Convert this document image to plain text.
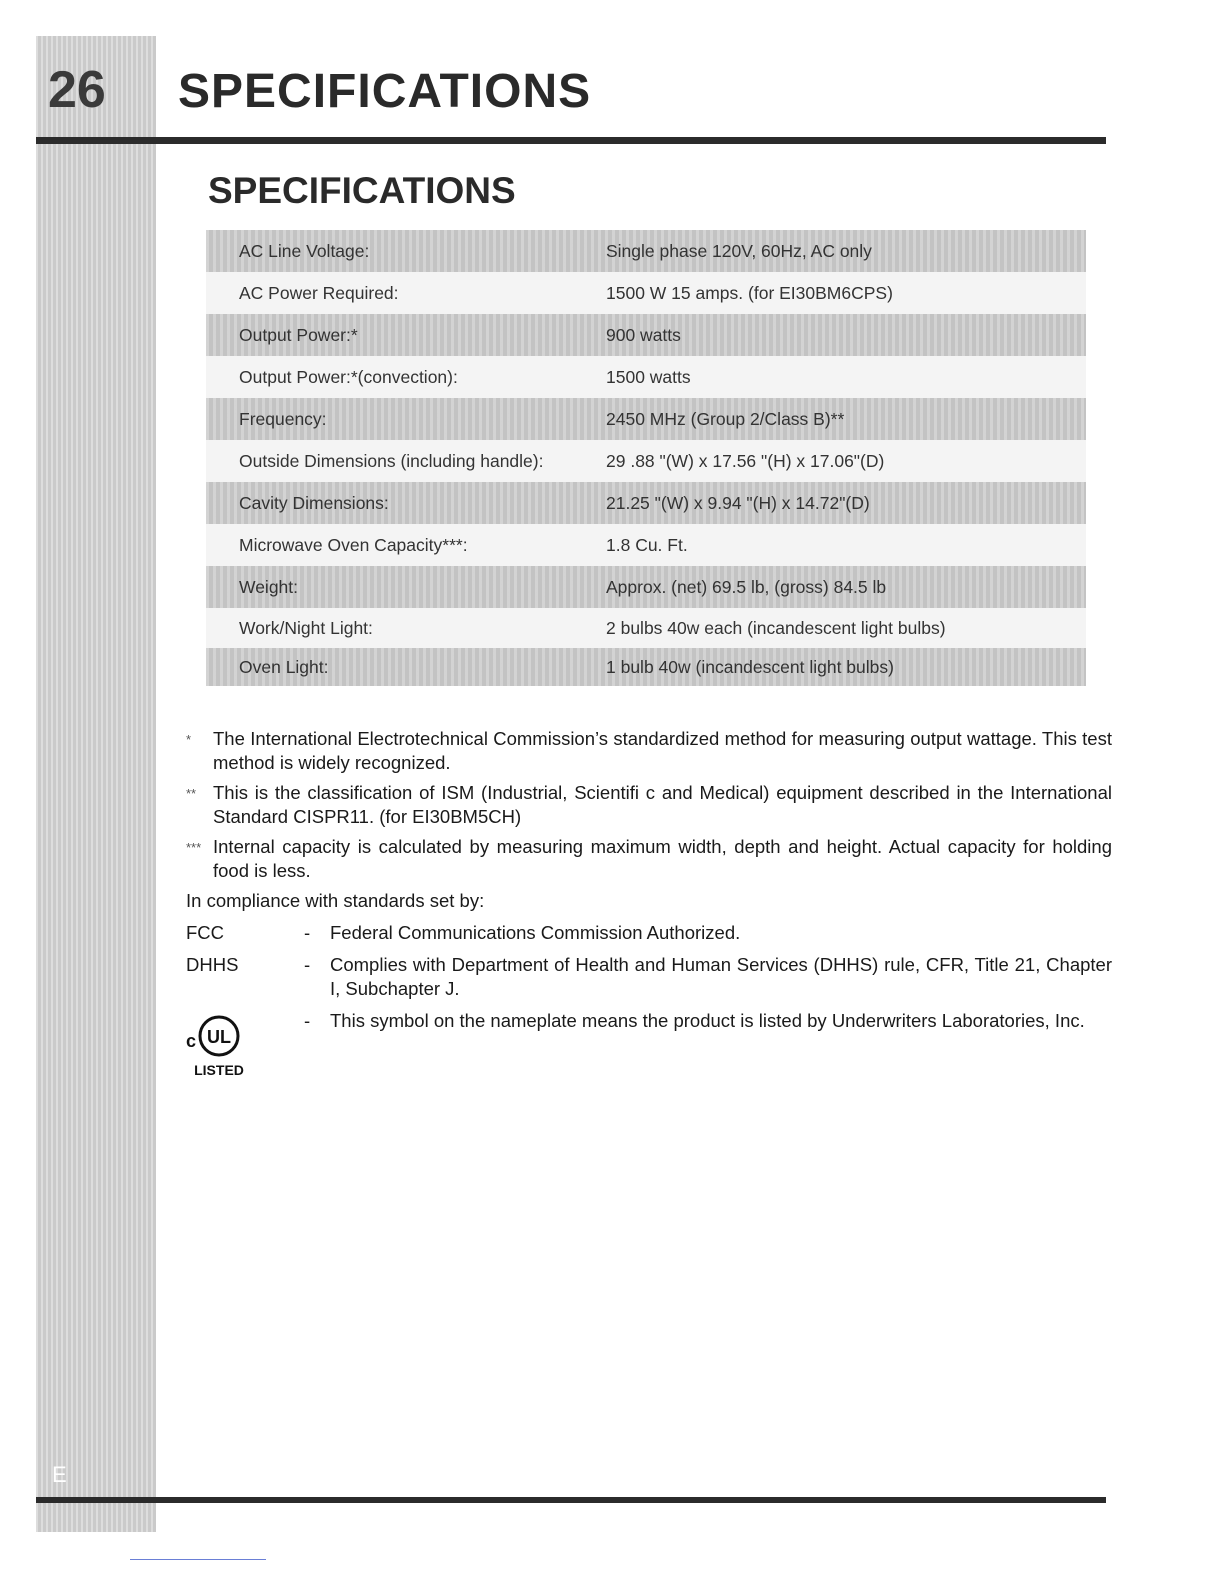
26
E
SPECIFICATIONS
SPECIFICATIONS
AC Line Voltage:	Single phase 120V, 60Hz, AC only
AC Power Required:	1500 W 15 amps. (for EI30BM6CPS)
Output Power:*	900 watts
Output Power:*(convection):	1500 watts
Frequency:	2450 MHz (Group 2/Class B)**
Outside Dimensions (including handle):	29 .88 "(W) x 17.56 "(H) x 17.06"(D)
Cavity Dimensions:	21.25 "(W) x 9.94 "(H) x 14.72"(D)
Microwave Oven Capacity***:	1.8 Cu. Ft.
Weight:	Approx. (net) 69.5 lb, (gross) 84.5 lb
Work/Night Light:	2 bulbs 40w each (incandescent light bulbs)
Oven Light:	1 bulb 40w (incandescent light bulbs)
*	The International Electrotechnical Commission’s standardized method for measuring output wattage. This test method is widely recognized.
** This is the classification of ISM (Industrial, Scientifi c and Medical) equipment described in the International Standard CISPR11. (for EI30BM5CH)
*** Internal capacity is calculated by measuring maximum width, depth and height. Actual capacity for holding food is less.
In compliance with standards set by:
FCC	-	Federal Communications Commission Authorized.
DHHS	-	Complies with Department of Health and Human Services (DHHS) rule, CFR, Title 21, Chapter I, Subchapter J.
c UL
LISTED
-	This symbol on the nameplate means the product is listed by Underwriters Laboratories, Inc.
